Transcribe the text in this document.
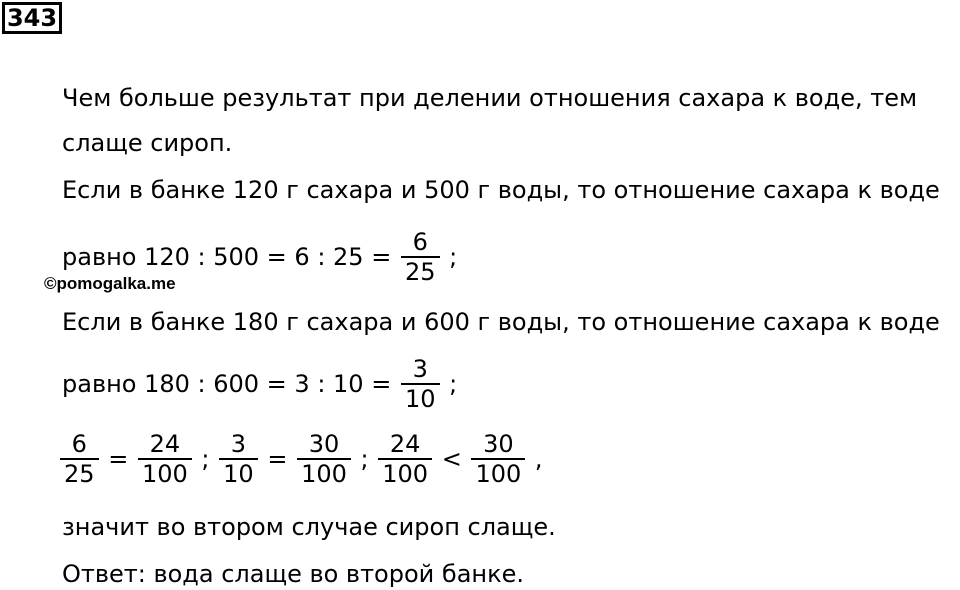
343
Чем больше результат при делении отношения сахара к воде, тем
слаще сироп.
Если в банке 120 г сахара и 500 г воды, то отношение сахара к воде
равно 120 : 500 = 6 : $25 = \frac{6}{25}$ ;
©pomogalka.me
Если в банке 180 г сахара и 600 г воды, то отношение сахара к воде
равно 180 : 600 = 3 : $10 = \frac{3}{10}$ ;
$\frac{6}{25} = \frac{24}{100}$ ; $\frac{3}{10} = \frac{30}{100}$ ; $\frac{24}{100} < \frac{30}{100}$ ,
значит во втором случае сироп слаще.
Ответ: вода слаще во второй банке.
